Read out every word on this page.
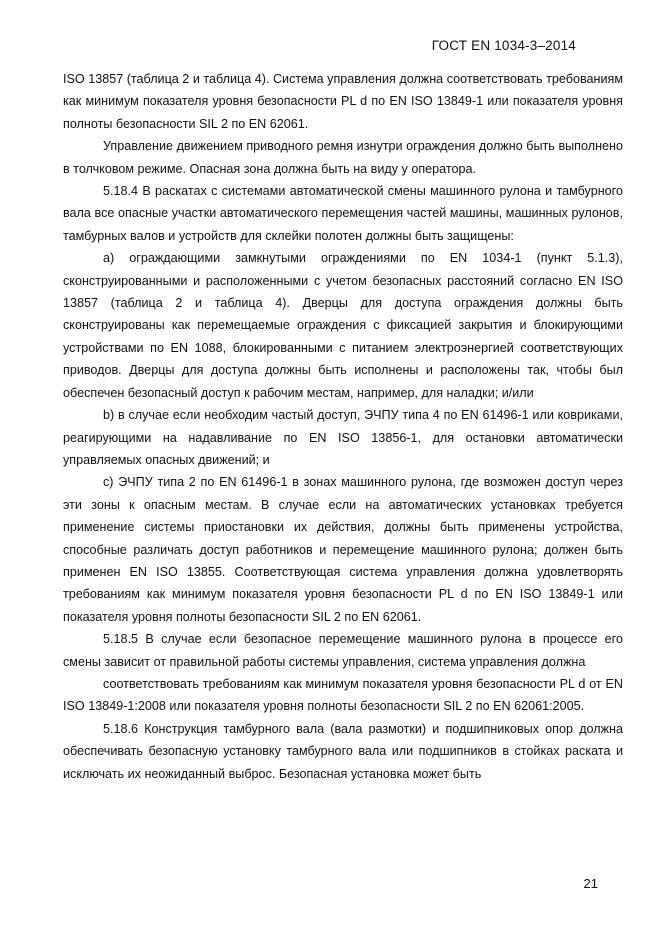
ГОСТ EN 1034-3–2014

ISO 13857 (таблица 2 и таблица 4). Система управления должна соответствовать требованиям как минимум показателя уровня безопасности PL d по EN ISO 13849-1 или показателя уровня полноты безопасности SIL 2 по EN 62061.

Управление движением приводного ремня изнутри ограждения должно быть выполнено в толчковом режиме. Опасная зона должна быть на виду у оператора.

5.18.4 В раскатах с системами автоматической смены машинного рулона и тамбурного вала все опасные участки автоматического перемещения частей машины, машинных рулонов, тамбурных валов и устройств для склейки полотен должны быть защищены:

a) ограждающими замкнутыми ограждениями по EN 1034-1 (пункт 5.1.3), сконструированными и расположенными с учетом безопасных расстояний согласно EN ISO 13857 (таблица 2 и таблица 4). Дверцы для доступа ограждения должны быть сконструированы как перемещаемые ограждения с фиксацией закрытия и блокирующими устройствами по EN 1088, блокированными с питанием электроэнергией соответствующих приводов. Дверцы для доступа должны быть исполнены и расположены так, чтобы был обеспечен безопасный доступ к рабочим местам, например, для наладки; и/или

b) в случае если необходим частый доступ, ЭЧПУ типа 4 по EN 61496-1 или ковриками, реагирующими на надавливание по EN ISO 13856-1, для остановки автоматически управляемых опасных движений; и

c) ЭЧПУ типа 2 по EN 61496-1 в зонах машинного рулона, где возможен доступ через эти зоны к опасным местам. В случае если на автоматических установках требуется применение системы приостановки их действия, должны быть применены устройства, способные различать доступ работников и перемещение машинного рулона; должен быть применен EN ISO 13855. Соответствующая система управления должна удовлетворять требованиям как минимум показателя уровня безопасности PL d по EN ISO 13849-1 или показателя уровня полноты безопасности SIL 2 по EN 62061.

5.18.5 В случае если безопасное перемещение машинного рулона в процессе его смены зависит от правильной работы системы управления, система управления должна

соответствовать требованиям как минимум показателя уровня безопасности PL d от EN ISO 13849-1:2008 или показателя уровня полноты безопасности SIL 2 по EN 62061:2005.

5.18.6 Конструкция тамбурного вала (вала размотки) и подшипниковых опор должна обеспечивать безопасную установку тамбурного вала или подшипников в стойках раската и исключать их неожиданный выброс. Безопасная установка может быть

21
